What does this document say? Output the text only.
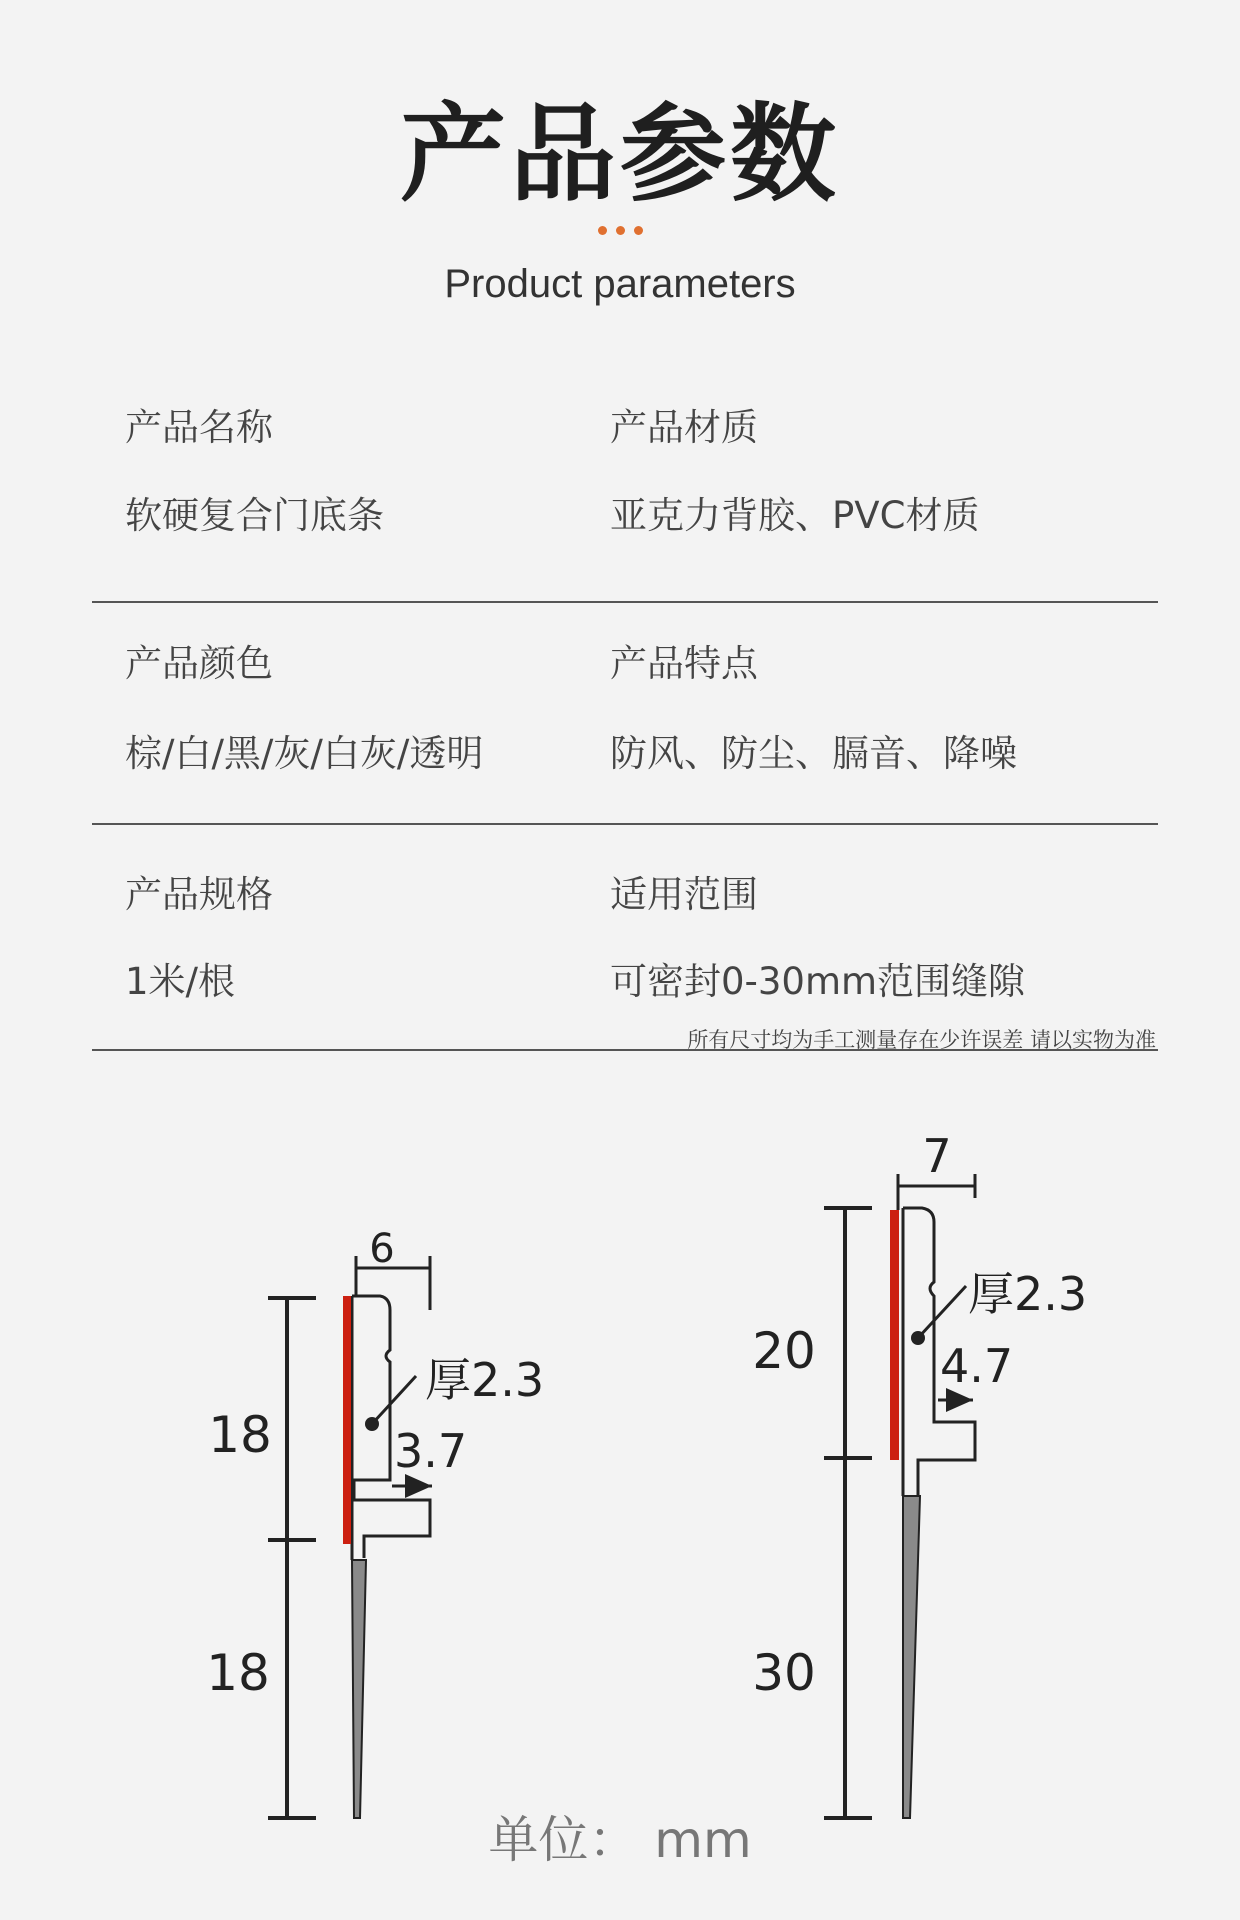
产品参数
Product parameters
产品名称	产品材质
软硬复合门底条	亚克力背胶、PVC材质
产品颜色	产品特点
棕/白/黑/灰/白灰/透明	防风、防尘、膈音、降噪
产品规格	适用范围
1米/根	可密封0-30mm范围缝隙
所有尺寸均为手工测量存在少许误差 请以实物为准
6
18
18
厚2.3
3.7
7
20
30
厚2.3
4.7
单位： mm
